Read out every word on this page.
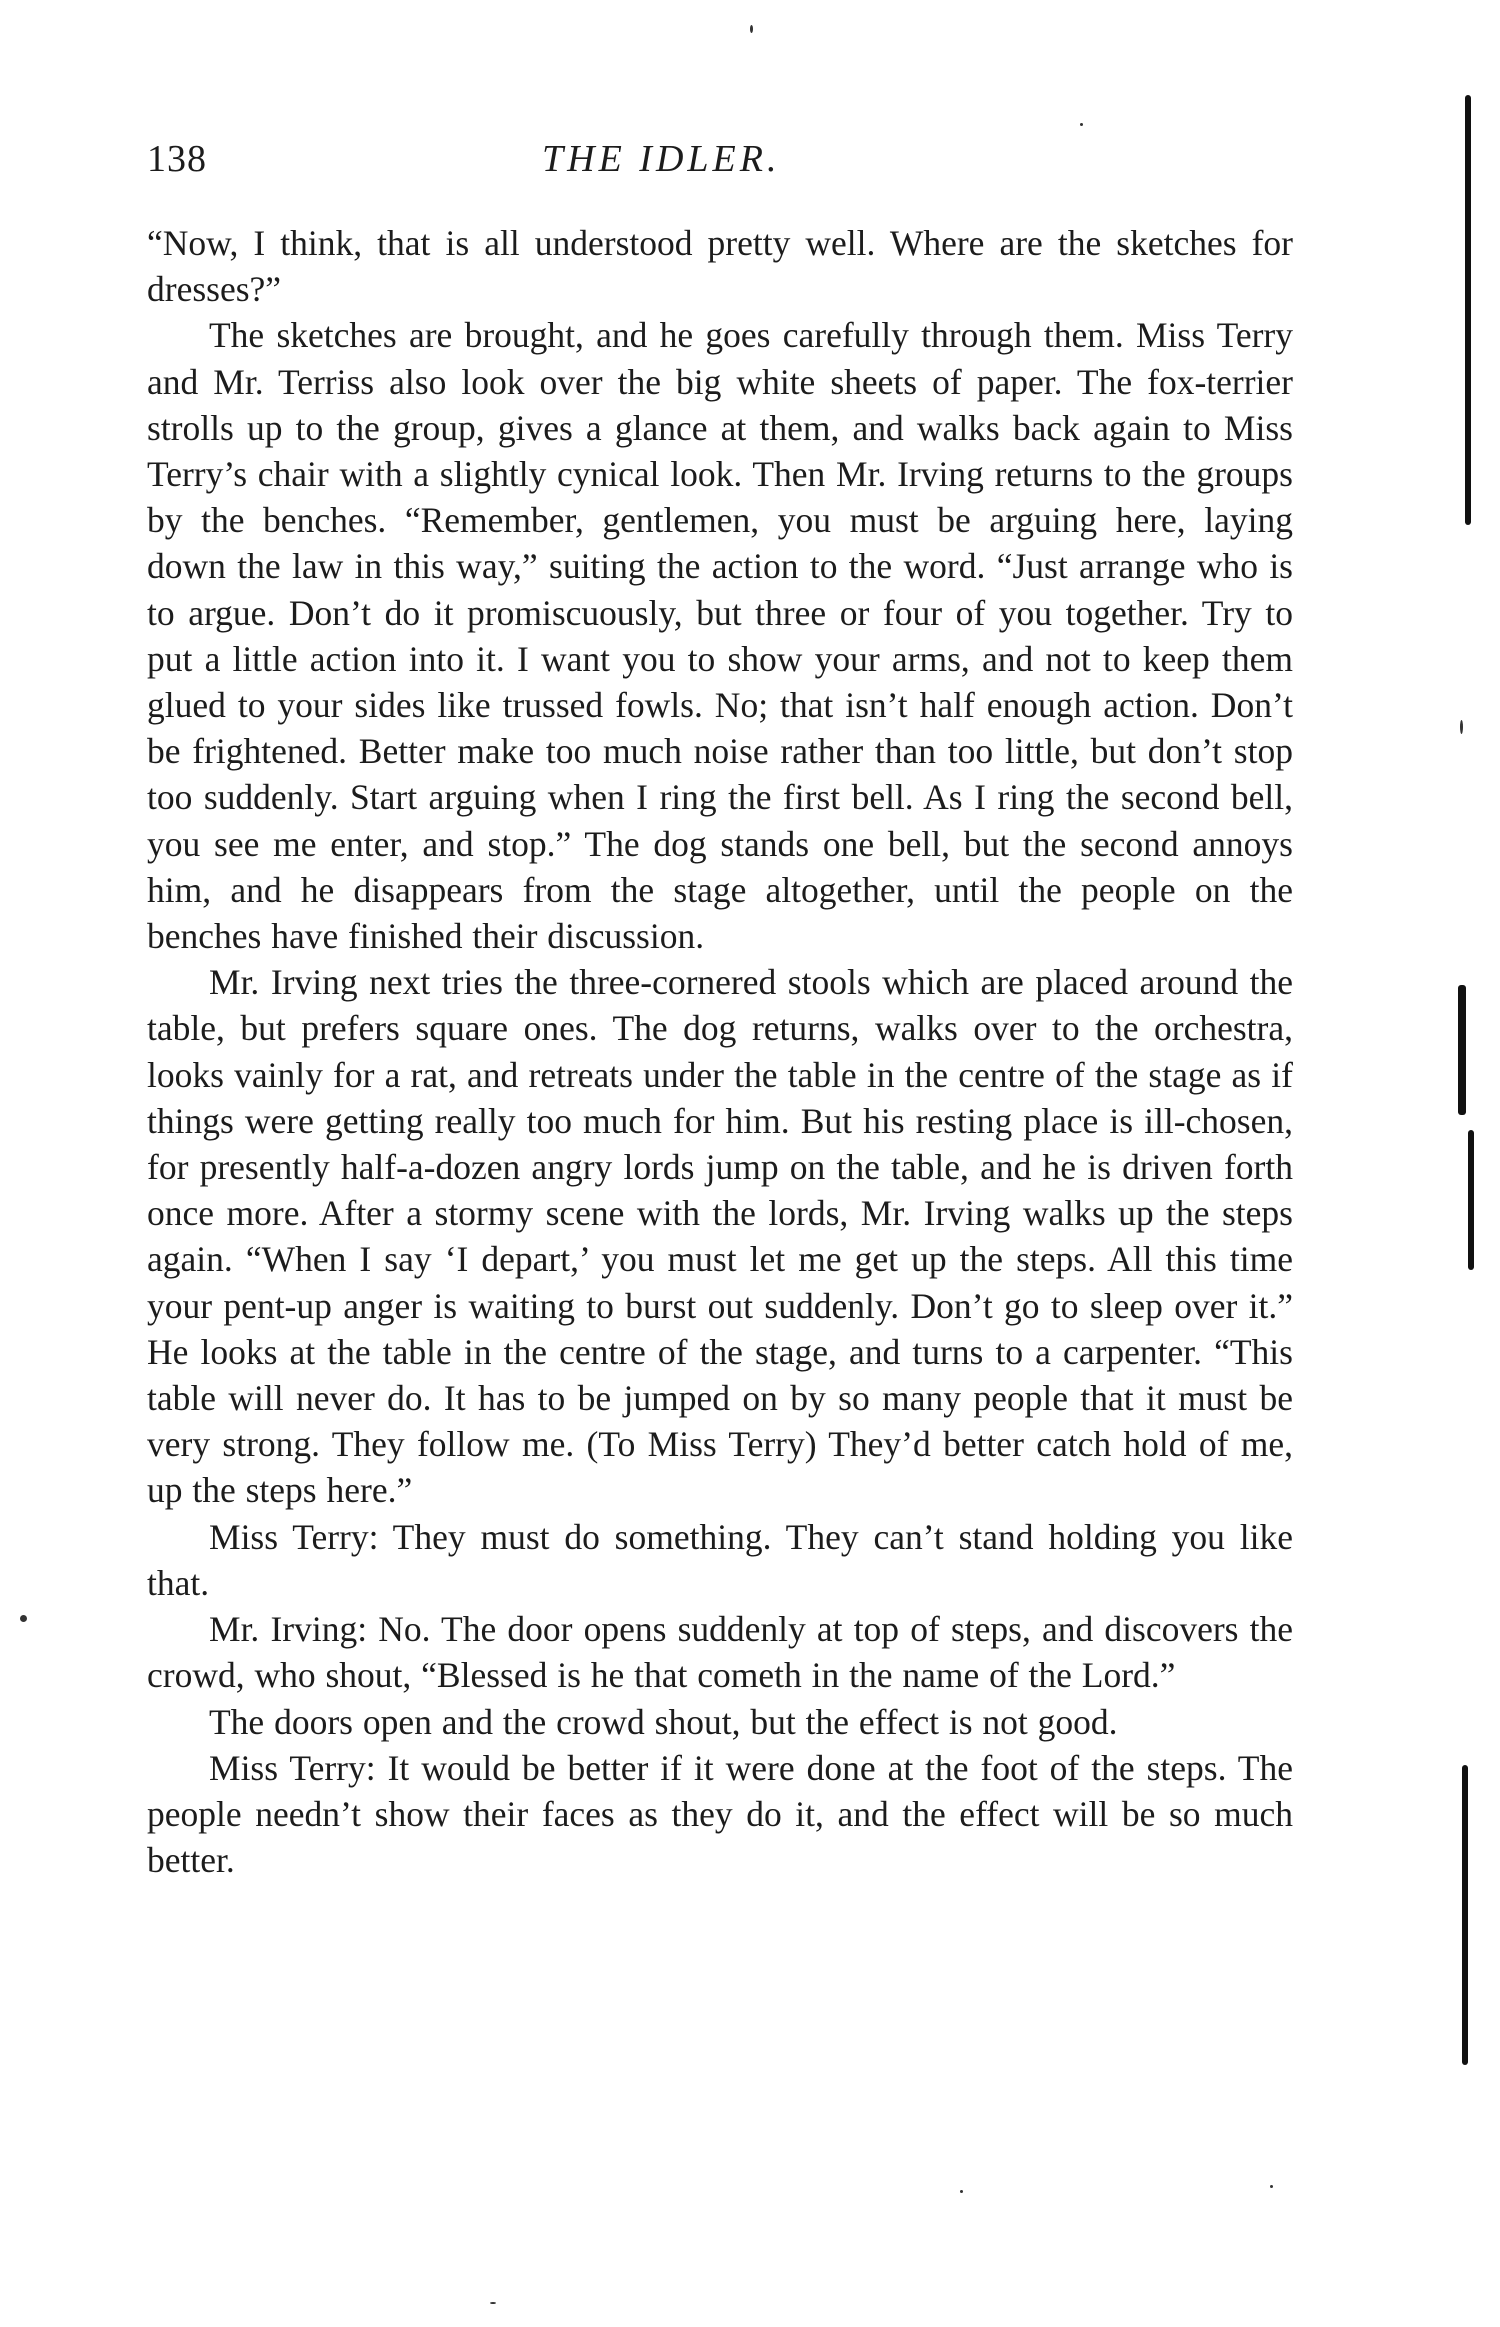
138	THE IDLER.

“Now, I think, that is all understood pretty well. Where are the sketches for dresses?”

The sketches are brought, and he goes carefully through them. Miss Terry and Mr. Terriss also look over the big white sheets of paper. The fox-terrier strolls up to the group, gives a glance at them, and walks back again to Miss Terry’s chair with a slightly cynical look. Then Mr. Irving returns to the groups by the benches. “Remember, gentlemen, you must be arguing here, laying down the law in this way,” suiting the action to the word. “Just arrange who is to argue. Don’t do it promiscuously, but three or four of you together. Try to put a little action into it. I want you to show your arms, and not to keep them glued to your sides like trussed fowls. No; that isn’t half enough action. Don’t be frightened. Better make too much noise rather than too little, but don’t stop too suddenly. Start arguing when I ring the first bell. As I ring the second bell, you see me enter, and stop.” The dog stands one bell, but the second annoys him, and he disappears from the stage altogether, until the people on the benches have finished their discussion.

Mr. Irving next tries the three-cornered stools which are placed around the table, but prefers square ones. The dog returns, walks over to the orchestra, looks vainly for a rat, and retreats under the table in the centre of the stage as if things were getting really too much for him. But his resting place is ill-chosen, for presently half-a-dozen angry lords jump on the table, and he is driven forth once more. After a stormy scene with the lords, Mr. Irving walks up the steps again. “When I say ‘I depart,’ you must let me get up the steps. All this time your pent-up anger is waiting to burst out suddenly. Don’t go to sleep over it.” He looks at the table in the centre of the stage, and turns to a carpenter. “This table will never do. It has to be jumped on by so many people that it must be very strong. They follow me. (To Miss Terry) They’d better catch hold of me, up the steps here.”

Miss Terry: They must do something. They can’t stand holding you like that.

Mr. Irving: No. The door opens suddenly at top of steps, and discovers the crowd, who shout, “Blessed is he that cometh in the name of the Lord.”

The doors open and the crowd shout, but the effect is not good.

Miss Terry: It would be better if it were done at the foot of the steps. The people needn’t show their faces as they do it, and the effect will be so much better.
